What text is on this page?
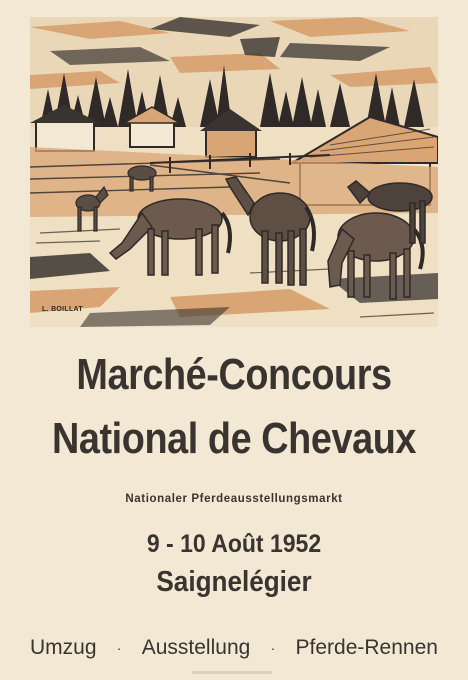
L. BOILLAT
Marché-Concours
National de Chevaux
Nationaler Pferdeausstellungsmarkt
9 - 10 Août 1952
Saignelégier
Umzug · Ausstellung · Pferde-Rennen
